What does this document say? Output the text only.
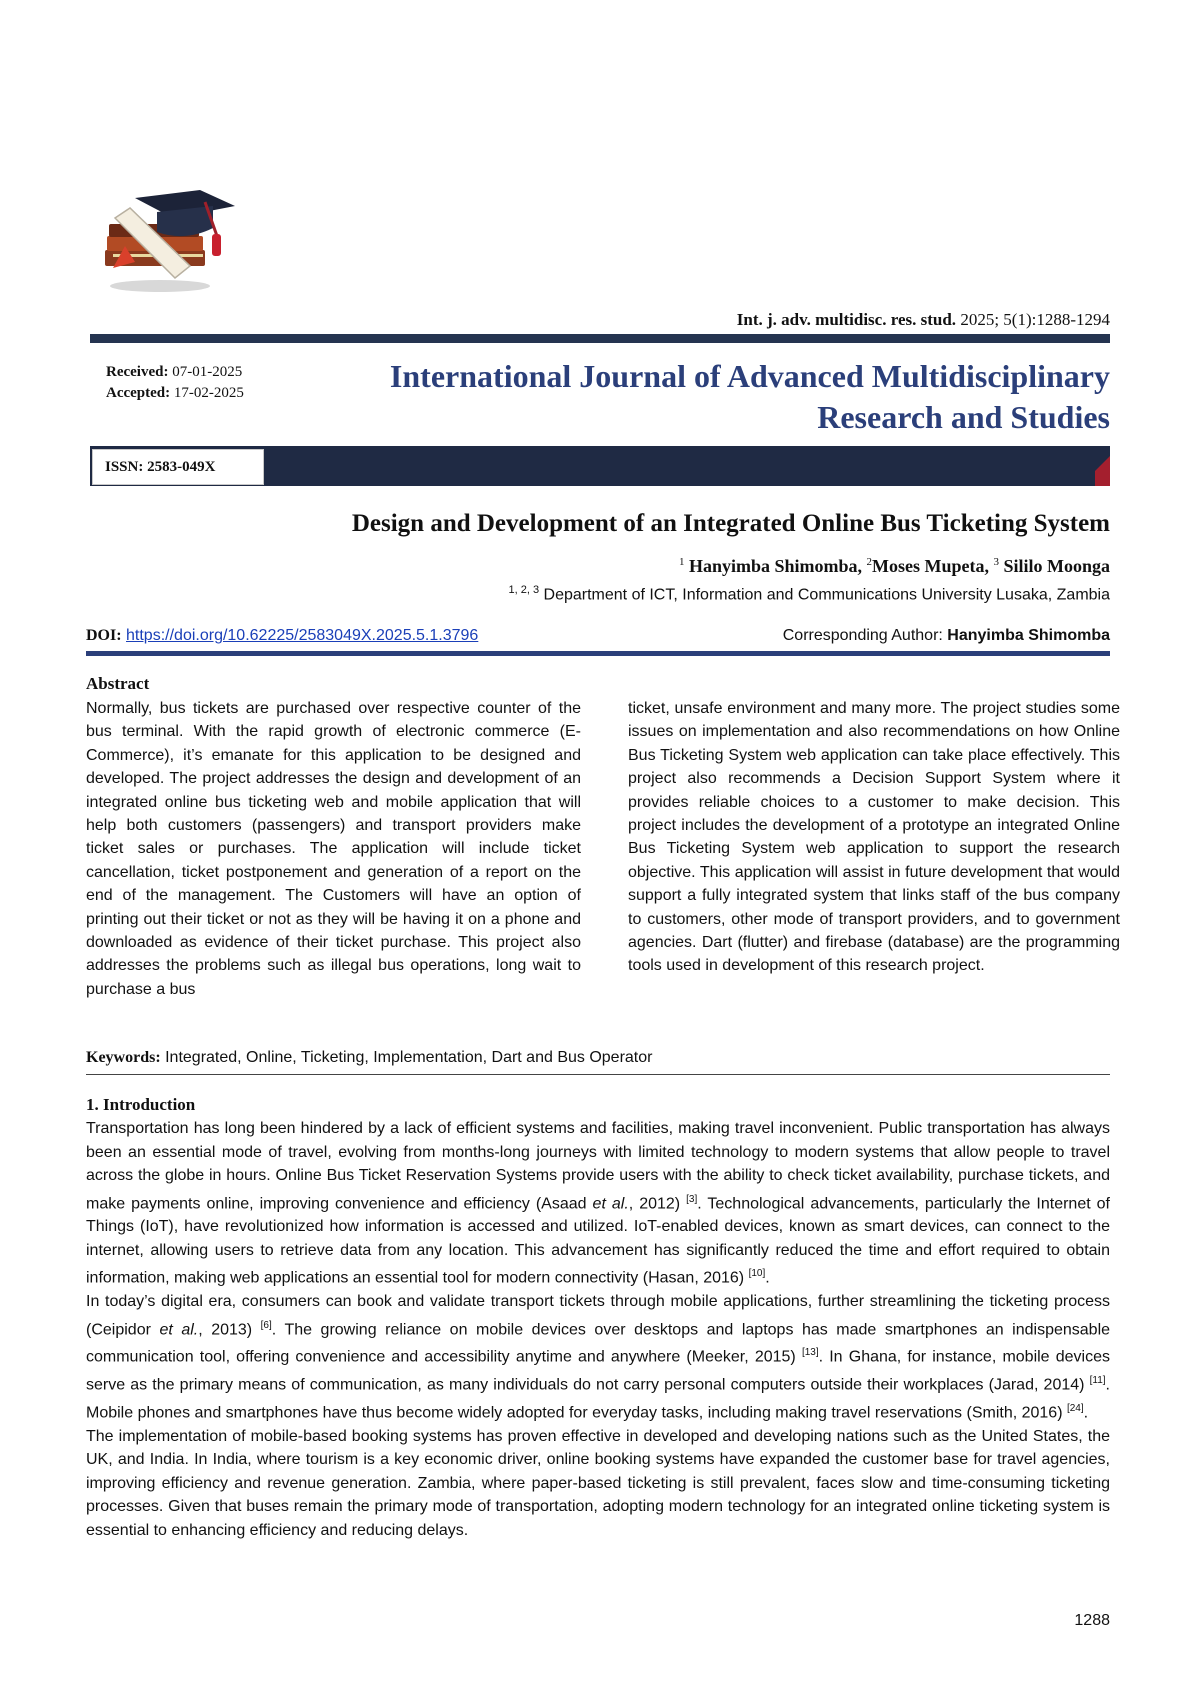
Int. j. adv. multidisc. res. stud. 2025; 5(1):1288-1294
Received: 07-01-2025
Accepted: 17-02-2025	International Journal of Advanced Multidisciplinary
Research and Studies
ISSN: 2583-049X
Design and Development of an Integrated Online Bus Ticketing System
$^1$ Hanyimba Shimomba, $^2$Moses Mupeta, $^3$ Sililo Moonga
$^{1, 2, 3}$ Department of ICT, Information and Communications University Lusaka, Zambia
DOI: https://doi.org/10.62225/2583049X.2025.5.1.3796	Corresponding Author: Hanyimba Shimomba
Abstract
Normally, bus tickets are purchased over respective counter of the bus terminal. With the rapid growth of electronic commerce (E-Commerce), it’s emanate for this application to be designed and developed. The project addresses the design and development of an integrated online bus ticketing web and mobile application that will help both customers (passengers) and transport providers make ticket sales or purchases. The application will include ticket cancellation, ticket postponement and generation of a report on the end of the management. The Customers will have an option of printing out their ticket or not as they will be having it on a phone and downloaded as evidence of their ticket purchase. This project also addresses the problems such as illegal bus operations, long wait to purchase a bus
ticket, unsafe environment and many more. The project studies some issues on implementation and also recommendations on how Online Bus Ticketing System web application can take place effectively. This project also recommends a Decision Support System where it provides reliable choices to a customer to make decision. This project includes the development of a prototype an integrated Online Bus Ticketing System web application to support the research objective. This application will assist in future development that would support a fully integrated system that links staff of the bus company to customers, other mode of transport providers, and to government agencies. Dart (flutter) and firebase (database) are the programming tools used in development of this research project.
Keywords: Integrated, Online, Ticketing, Implementation, Dart and Bus Operator
1. Introduction

Transportation has long been hindered by a lack of efficient systems and facilities, making travel inconvenient. Public transportation has always been an essential mode of travel, evolving from months-long journeys with limited technology to modern systems that allow people to travel across the globe in hours. Online Bus Ticket Reservation Systems provide users with the ability to check ticket availability, purchase tickets, and make payments online, improving convenience and efficiency (Asaad et al., 2012) [3]. Technological advancements, particularly the Internet of Things (IoT), have revolutionized how information is accessed and utilized. IoT-enabled devices, known as smart devices, can connect to the internet, allowing users to retrieve data from any location. This advancement has significantly reduced the time and effort required to obtain information, making web applications an essential tool for modern connectivity (Hasan, 2016) [10].

In today’s digital era, consumers can book and validate transport tickets through mobile applications, further streamlining the ticketing process (Ceipidor et al., 2013) [6]. The growing reliance on mobile devices over desktops and laptops has made smartphones an indispensable communication tool, offering convenience and accessibility anytime and anywhere (Meeker, 2015) [13]. In Ghana, for instance, mobile devices serve as the primary means of communication, as many individuals do not carry personal computers outside their workplaces (Jarad, 2014) [11]. Mobile phones and smartphones have thus become widely adopted for everyday tasks, including making travel reservations (Smith, 2016) [24].

The implementation of mobile-based booking systems has proven effective in developed and developing nations such as the United States, the UK, and India. In India, where tourism is a key economic driver, online booking systems have expanded the customer base for travel agencies, improving efficiency and revenue generation. Zambia, where paper-based ticketing is still prevalent, faces slow and time-consuming ticketing processes. Given that buses remain the primary mode of transportation, adopting modern technology for an integrated online ticketing system is essential to enhancing efficiency and reducing delays.

1288
